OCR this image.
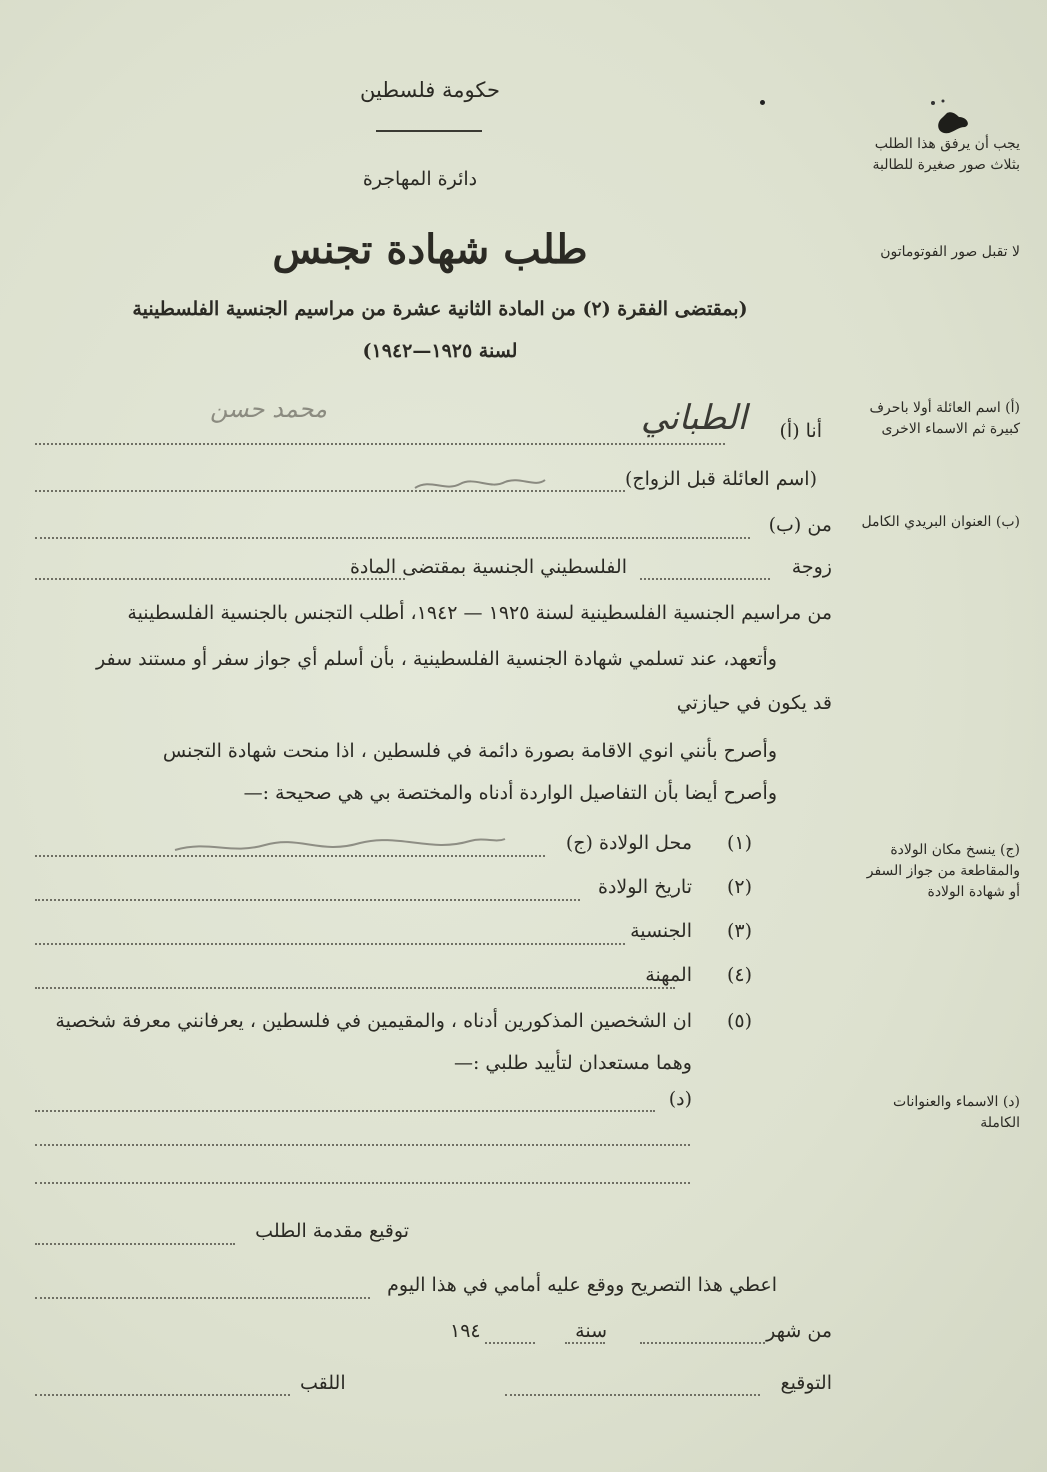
حكومة فلسطين
دائرة المهاجرة
طلب شهادة تجنس
(بمقتضى الفقرة (٢) من المادة الثانية عشرة من مراسيم الجنسية الفلسطينية
لسنة ١٩٢٥—١٩٤٢)
يجب أن يرفق هذا الطلب بثلاث صور صغيرة للطالبة
لا تقبل صور الفوتوماتون
(أ) اسم العائلة أولا باحرف كبيرة ثم الاسماء الاخرى
(ب) العنوان البريدي الكامل
(ج) ينسخ مكان الولادة والمقاطعة من جواز السفر أو شهادة الولادة
(د) الاسماء والعنوانات الكاملة
أنا (أ)
الطباني
محمد حسن
(اسم العائلة قبل الزواج)
من (ب)
زوجة
الفلسطيني الجنسية بمقتضى المادة
من مراسيم الجنسية الفلسطينية لسنة ١٩٢٥ — ١٩٤٢، أطلب التجنس بالجنسية الفلسطينية
وأتعهد، عند تسلمي شهادة الجنسية الفلسطينية ، بأن أسلم أي جواز سفر أو مستند سفر
قد يكون في حيازتي
وأصرح بأنني انوي الاقامة بصورة دائمة في فلسطين ، اذا منحت شهادة التجنس
وأصرح أيضا بأن التفاصيل الواردة أدناه والمختصة بي هي صحيحة :—
(١)
محل الولادة (ج)
(٢)
تاريخ الولادة
(٣)
الجنسية
(٤)
المهنة
(٥)
ان الشخصين المذكورين أدناه ، والمقيمين في فلسطين ، يعرفانني معرفة شخصية
وهما مستعدان لتأييد طلبي :—
(د)
توقيع مقدمة الطلب
اعطي هذا التصريح ووقع عليه أمامي في هذا اليوم
من شهر
سنة
١٩٤
التوقيع
اللقب
